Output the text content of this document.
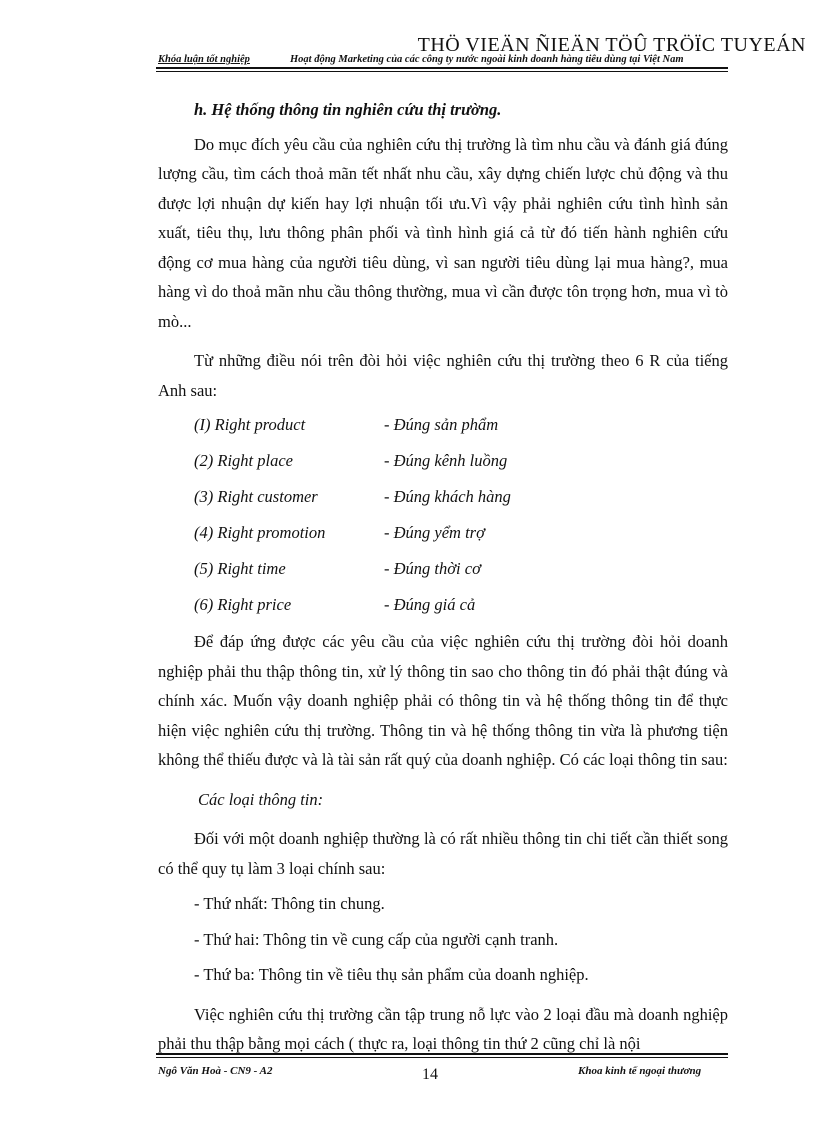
THÖ VIEÄN ÑIEÄN TÖÛ TRÖÏC TUYEÁN
Khóa luận tốt nghiệp	Hoạt động Marketing của các công ty nước ngoài kinh doanh hàng tiêu dùng tại Việt Nam

h. Hệ thống thông tin nghiên cứu thị trường.

Do mục đích yêu cầu của nghiên cứu thị trường là tìm nhu cầu và đánh giá đúng lượng cầu, tìm cách thoả mãn tết nhất nhu cầu, xây dựng chiến lược chủ động và thu được lợi nhuận dự kiến hay lợi nhuận tối ưu.Vì vậy phải nghiên cứu tình hình sản xuất, tiêu thụ, lưu thông phân phối và tình hình giá cả từ đó tiến hành nghiên cứu động cơ mua hàng của người tiêu dùng, vì san người tiêu dùng lại mua hàng?, mua hàng vì do thoả mãn nhu cầu thông thường, mua vì cần được tôn trọng hơn, mua vì tò mò...

Từ những điều nói trên đòi hỏi việc nghiên cứu thị trường theo 6 R của tiếng Anh sau:

(I) Right product	- Đúng sản phẩm
(2) Right place	- Đúng kênh luồng
(3) Right customer	- Đúng khách hàng
(4) Right promotion	- Đúng yểm trợ
(5) Right time	- Đúng thời cơ
(6) Right price	- Đúng giá cả

Để đáp ứng được các yêu cầu của việc nghiên cứu thị trường đòi hỏi doanh nghiệp phải thu thập thông tin, xử lý thông tin sao cho thông tin đó phải thật đúng và chính xác. Muốn vậy doanh nghiệp phải có thông tin và hệ thống thông tin để thực hiện việc nghiên cứu thị trường. Thông tin và hệ thống thông tin vừa là phương tiện không thể thiếu được và là tài sản rất quý của doanh nghiệp. Có các loại thông tin sau:

Các loại thông tin:

Đối với một doanh nghiệp thường là có rất nhiều thông tin chi tiết cần thiết song có thể quy tụ làm 3 loại chính sau:

- Thứ nhất: Thông tin chung.

- Thứ hai: Thông tin về cung cấp của người cạnh tranh.

- Thứ ba: Thông tin về tiêu thụ sản phẩm của doanh nghiệp.

Việc nghiên cứu thị trường cần tập trung nỗ lực vào 2 loại đầu mà doanh nghiệp phải thu thập bằng mọi cách ( thực ra, loại thông tin thứ 2 cũng chỉ là nội

Ngô Văn Hoà - CN9 - A2	14	Khoa kinh tế ngoại thương
